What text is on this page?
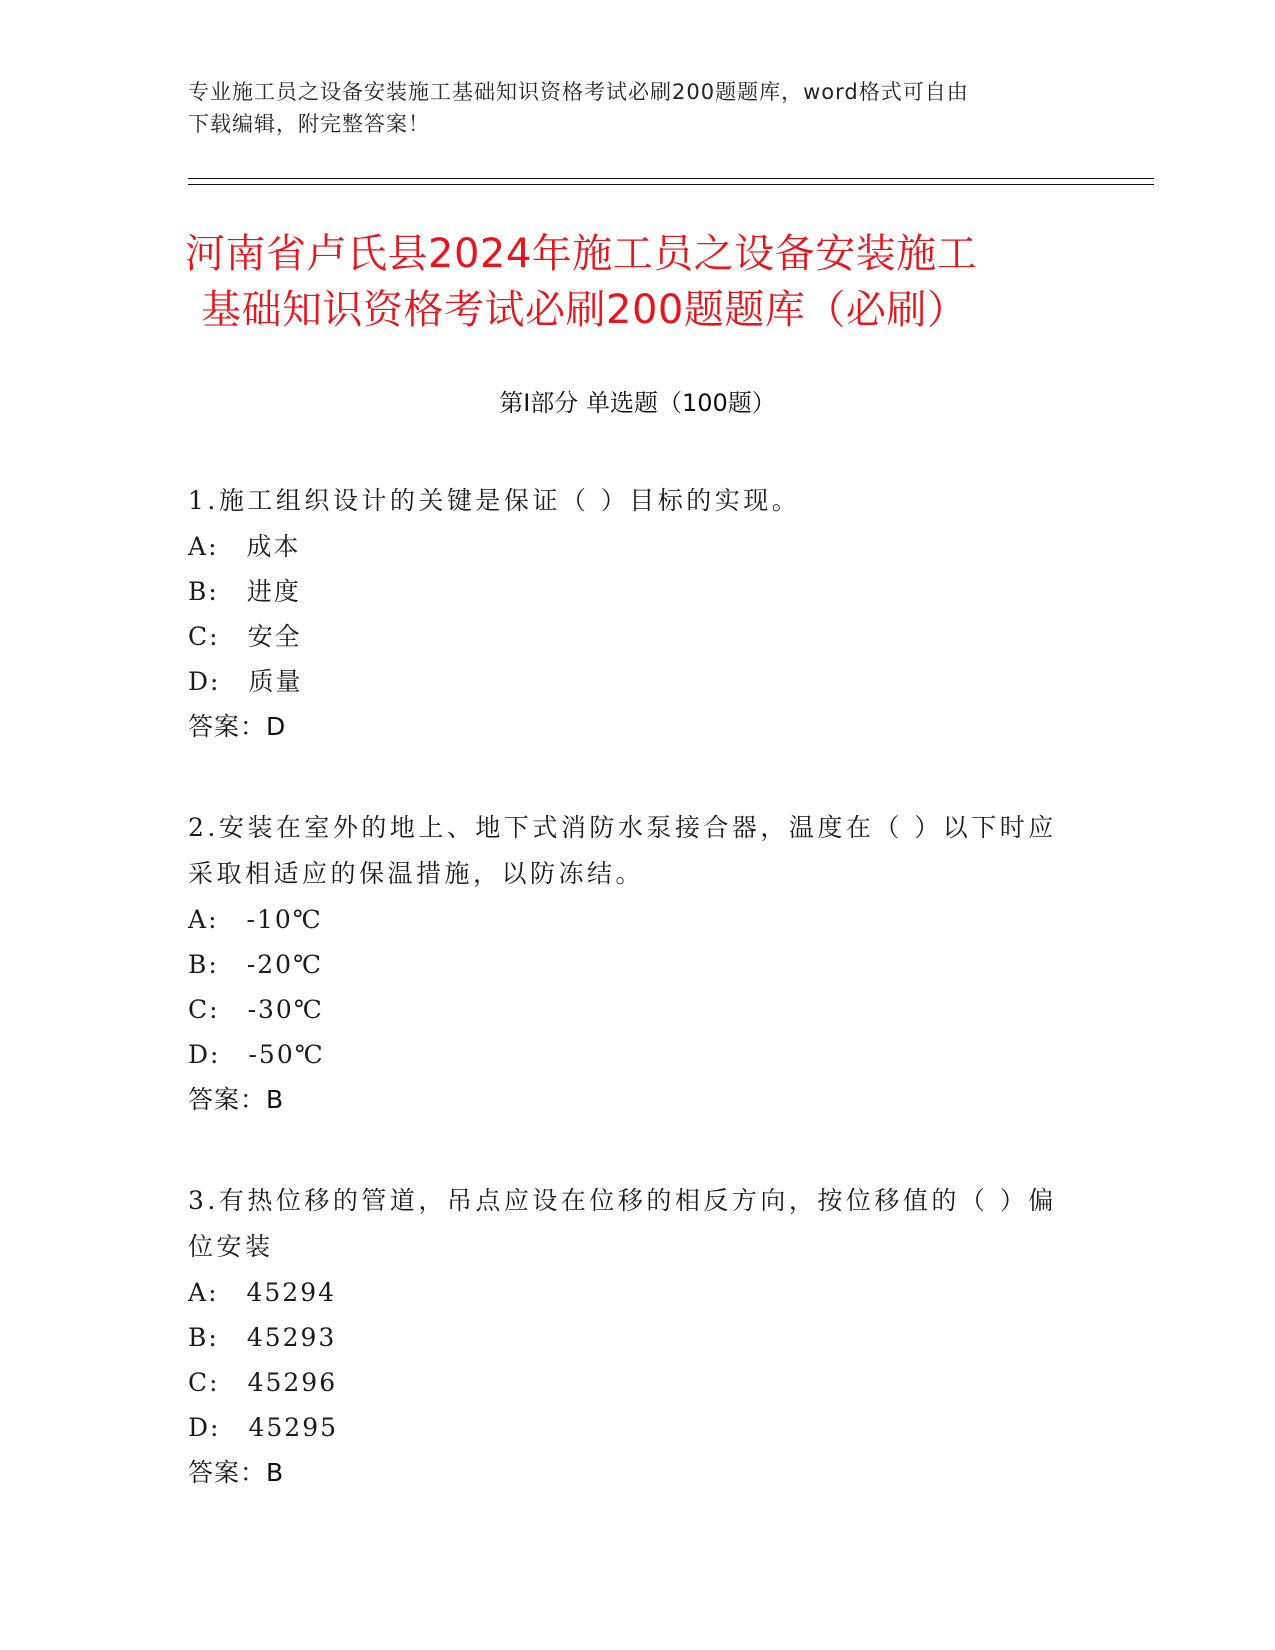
专业施工员之设备安装施工基础知识资格考试必刷200题题库，word格式可自由
下载编辑，附完整答案！
河南省卢氏县2024年施工员之设备安装施工
基础知识资格考试必刷200题题库（必刷）
第Ⅰ部分 单选题（100题）
1.施工组织设计的关键是保证（ ）目标的实现。
A: 成本
B: 进度
C: 安全
D: 质量
答案：D
2.安装在室外的地上、地下式消防水泵接合器，温度在（ ）以下时应
采取相适应的保温措施，以防冻结。
A: -10℃
B: -20℃
C: -30℃
D: -50℃
答案：B
3.有热位移的管道，吊点应设在位移的相反方向，按位移值的（ ）偏
位安装
A: 45294
B: 45293
C: 45296
D: 45295
答案：B
